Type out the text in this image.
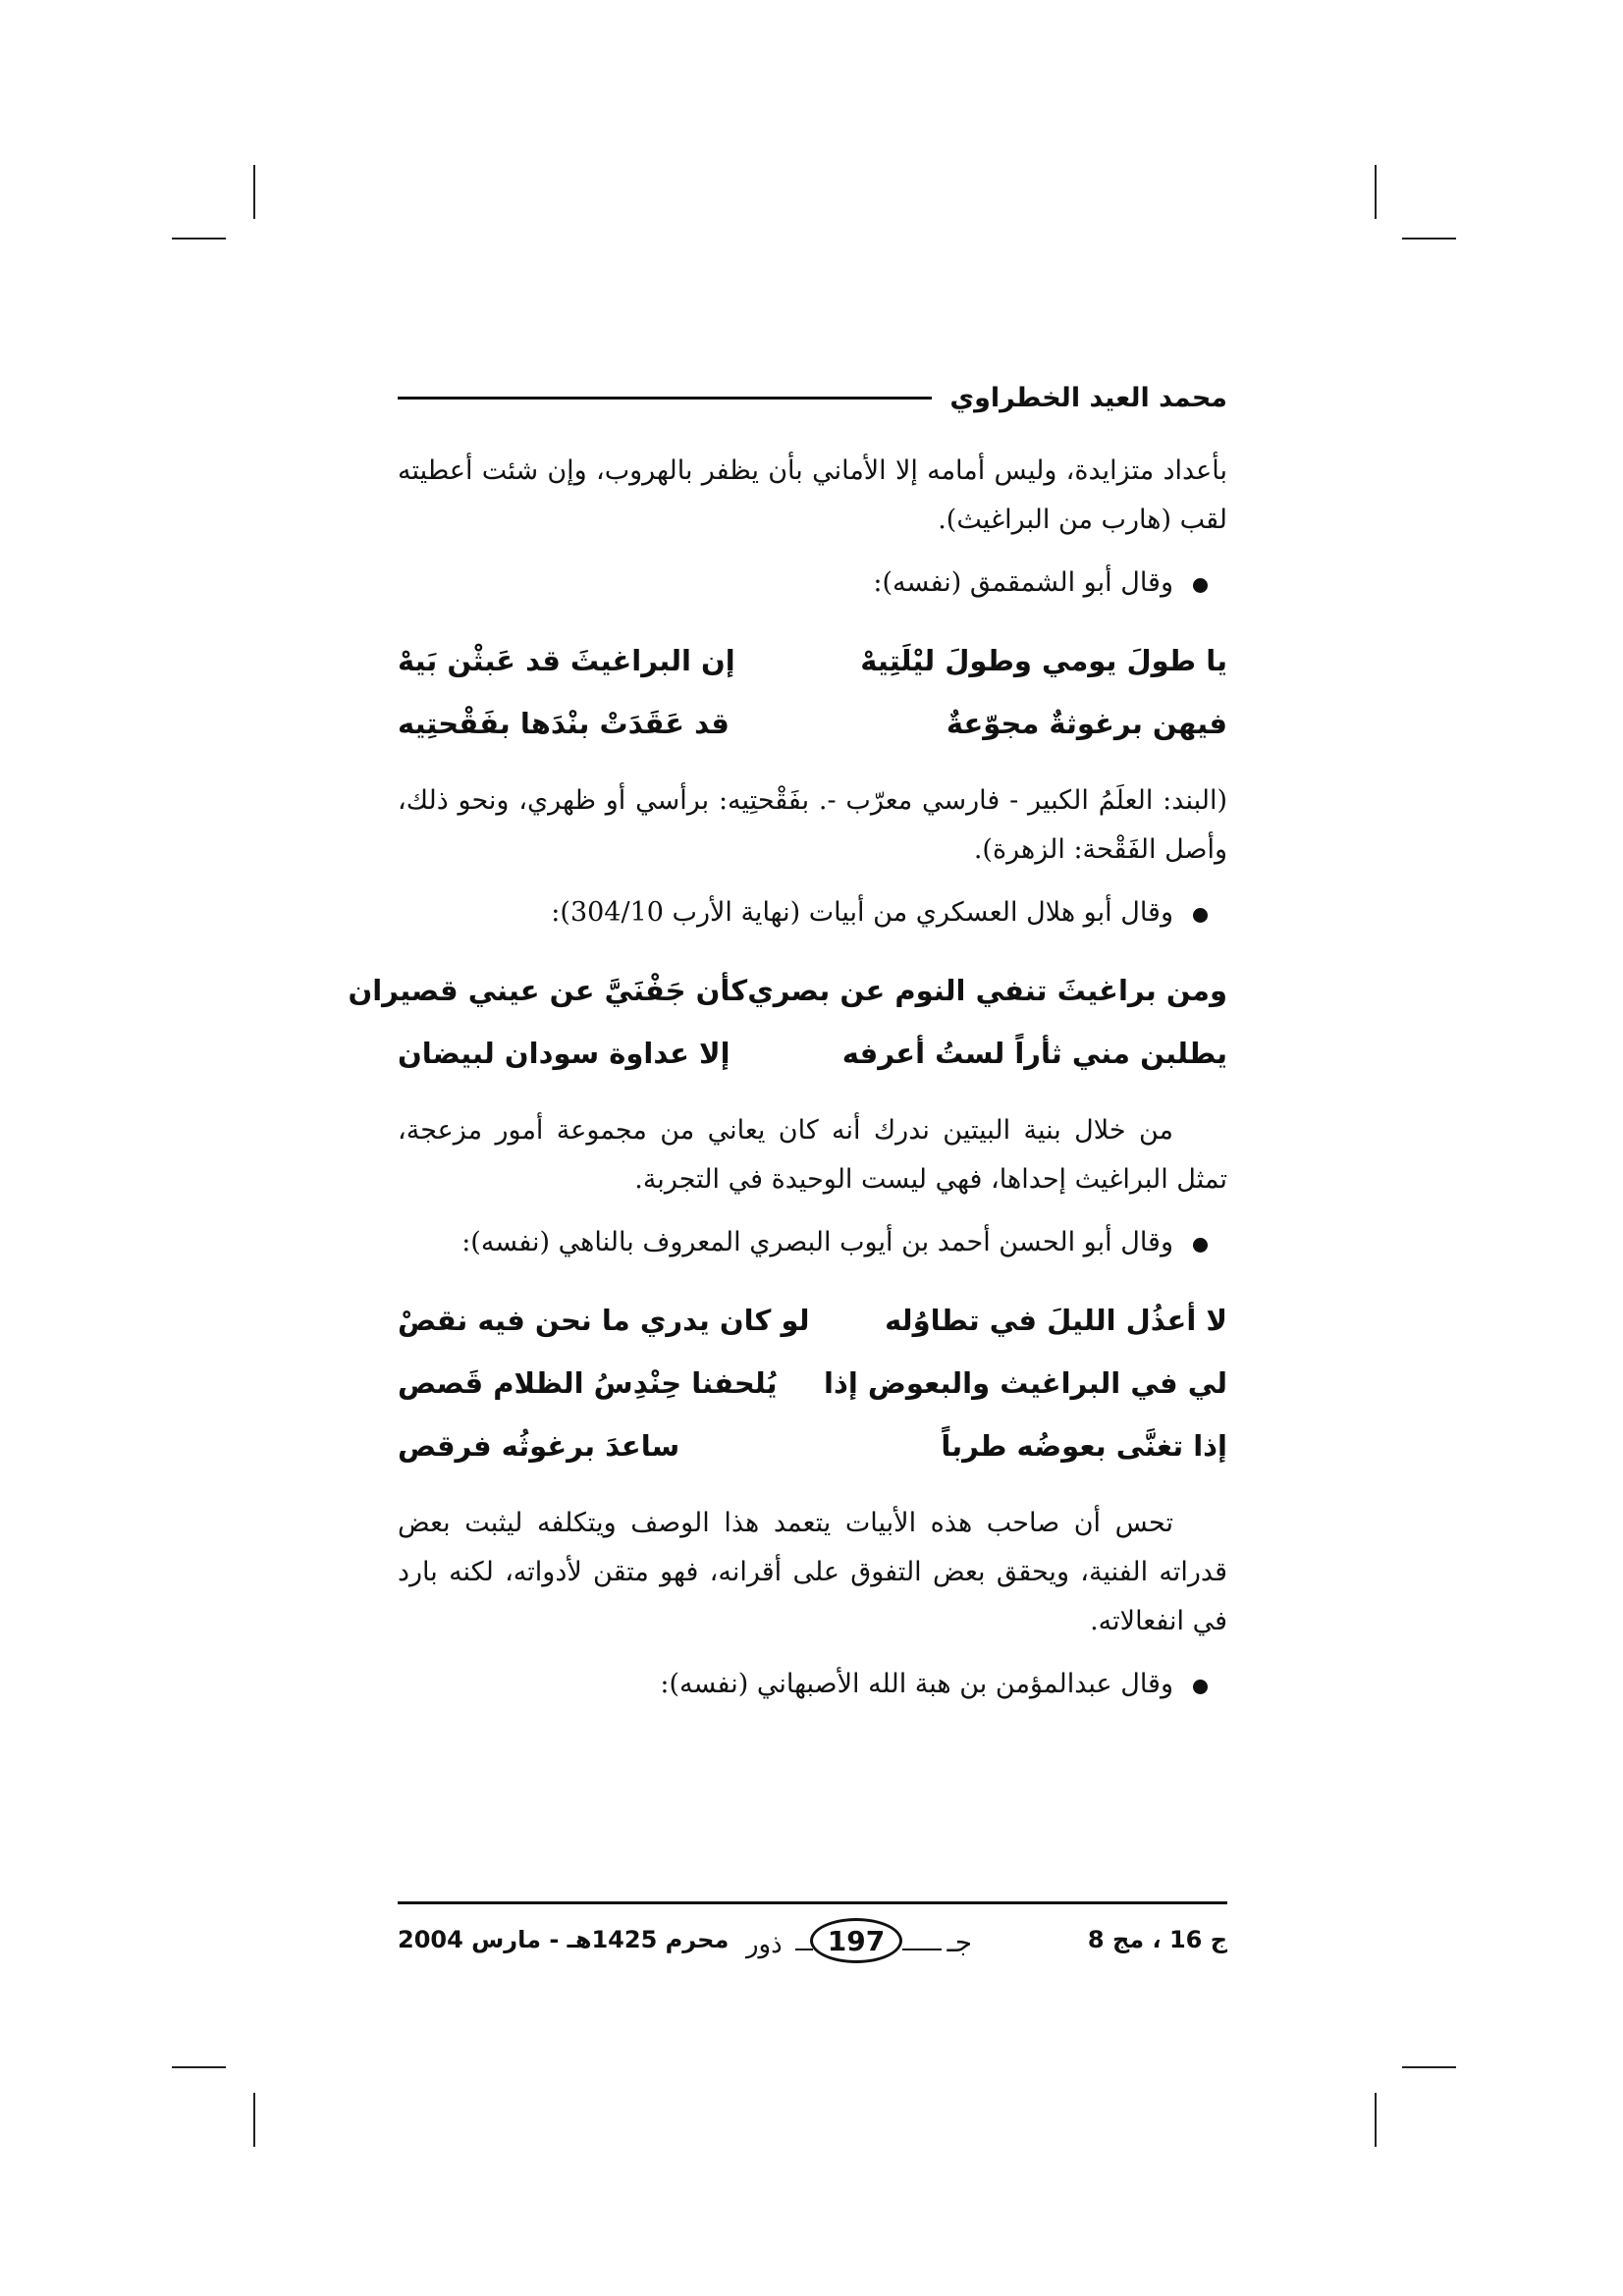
محمد العيد الخطراوي

بأعداد متزايدة، وليس أمامه إلا الأماني بأن يظفر بالهروب، وإن شئت أعطيته لقب (هارب من البراغيث).

وقال أبو الشمقمق (نفسه):

يا طولَ يومي وطولَ ليْلَتِيهْ
إن البراغيثَ قد عَبثْن بَيهْ
فيهن برغوثةٌ مجوّعةٌ
قد عَقَدَتْ بنْدَها بفَقْحتِيه

(البند: العلَمُ الكبير - فارسي معرّب -. بفَقْحتِيه: برأسي أو ظهري، ونحو ذلك، وأصل الفَقْحة: الزهرة).

وقال أبو هلال العسكري من أبيات (نهاية الأرب 304/10):

ومن براغيثَ تنفي النوم عن بصري
كأن جَفْنَيَّ عن عيني قصيران
يطلبن مني ثأراً لستُ أعرفه
إلا عداوة سودان لبيضان

من خلال بنية البيتين ندرك أنه كان يعاني من مجموعة أمور مزعجة، تمثل البراغيث إحداها، فهي ليست الوحيدة في التجربة.

وقال أبو الحسن أحمد بن أيوب البصري المعروف بالناهي (نفسه):

لا أعذُل الليلَ في تطاوُله
لو كان يدري ما نحن فيه نقصْ
لي في البراغيث والبعوض إذا
يُلحفنا حِنْدِسُ الظلام قَصص
إذا تغنَّى بعوضُه طرباً
ساعدَ برغوثُه فرقص

تحس أن صاحب هذه الأبيات يتعمد هذا الوصف ويتكلفه ليثبت بعض قدراته الفنية، ويحقق بعض التفوق على أقرانه، فهو متقن لأدواته، لكنه بارد في انفعالاته.

وقال عبدالمؤمن بن هبة الله الأصبهاني (نفسه):

ج 16 ، مج 8
ذور	197	جـ
محرم 1425هـ - مارس 2004
